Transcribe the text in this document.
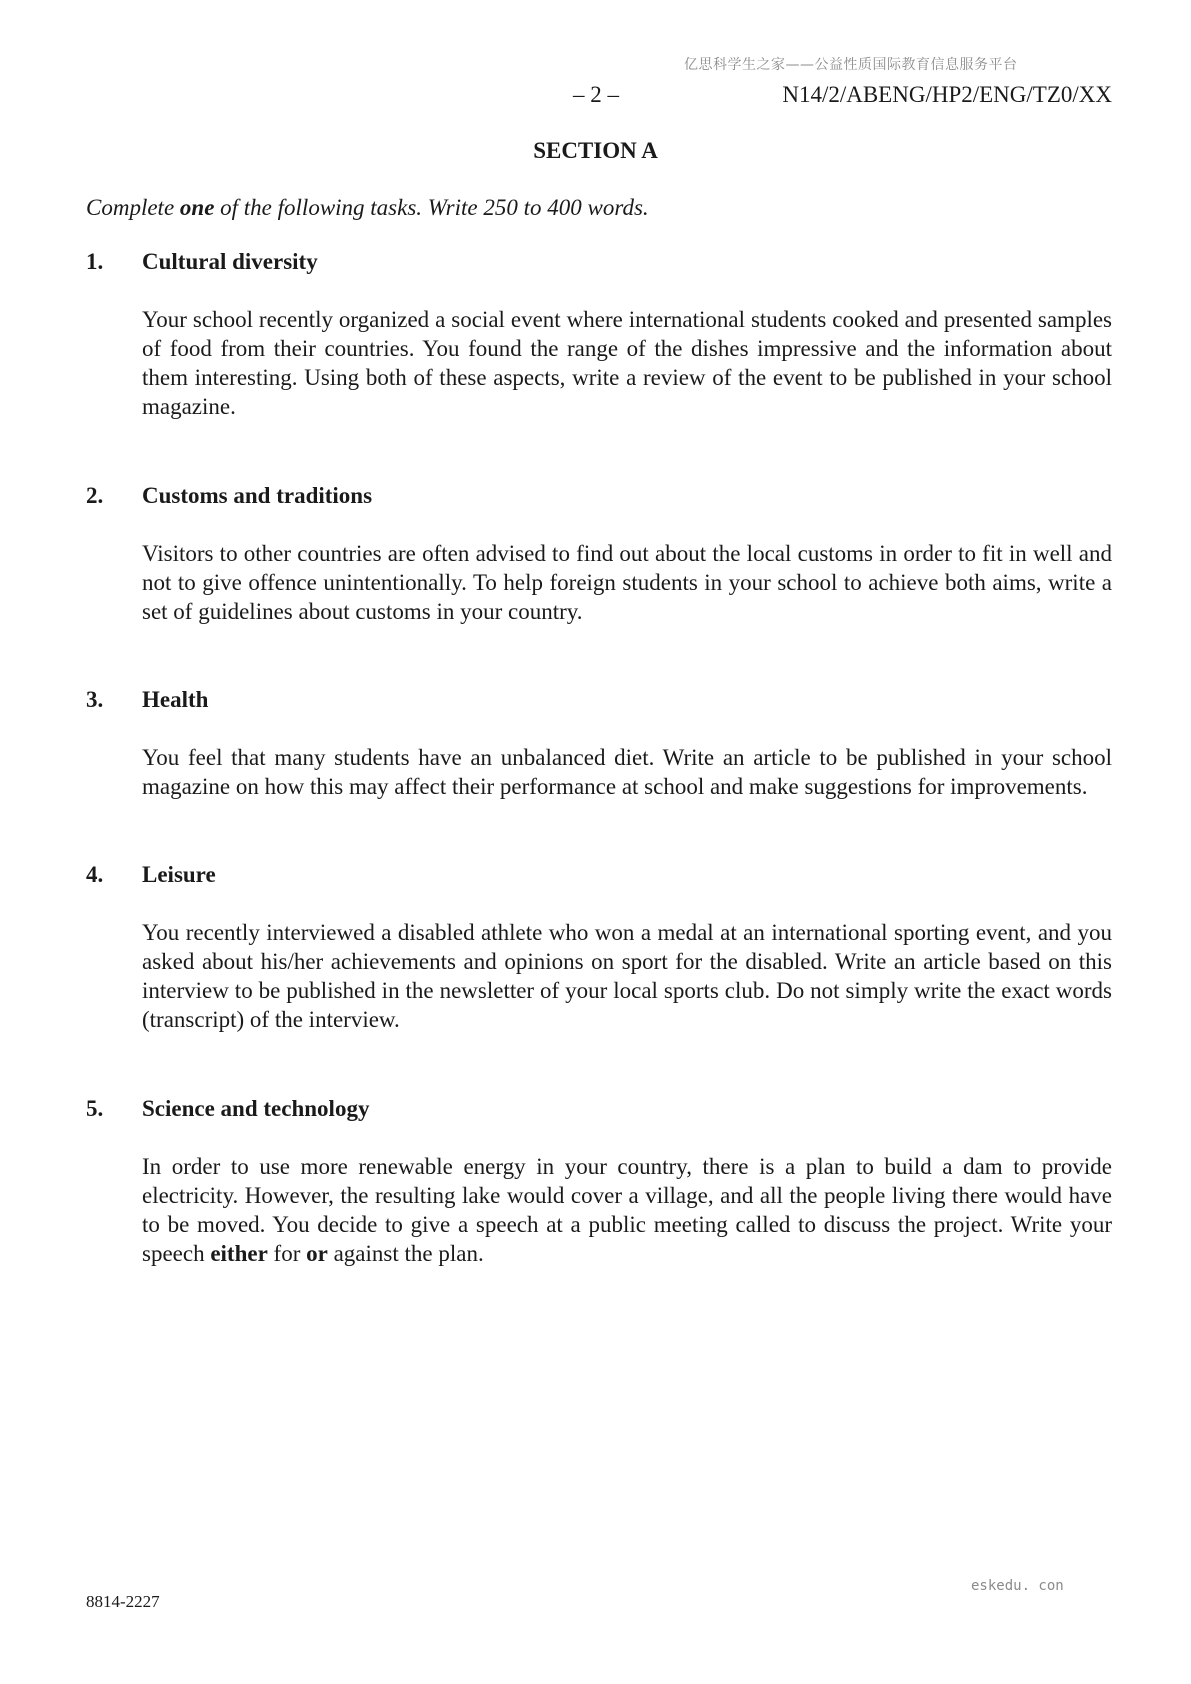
亿思科学生之家——公益性质国际教育信息服务平台
– 2 –	N14/2/ABENG/HP2/ENG/TZ0/XX
SECTION A
Complete one of the following tasks. Write 250 to 400 words.
1.	Cultural diversity
Your school recently organized a social event where international students cooked and presented samples of food from their countries. You found the range of the dishes impressive and the information about them interesting. Using both of these aspects, write a review of the event to be published in your school magazine.
2.	Customs and traditions
Visitors to other countries are often advised to find out about the local customs in order to fit in well and not to give offence unintentionally. To help foreign students in your school to achieve both aims, write a set of guidelines about customs in your country.
3.	Health
You feel that many students have an unbalanced diet. Write an article to be published in your school magazine on how this may affect their performance at school and make suggestions for improvements.
4.	Leisure
You recently interviewed a disabled athlete who won a medal at an international sporting event, and you asked about his/her achievements and opinions on sport for the disabled. Write an article based on this interview to be published in the newsletter of your local sports club. Do not simply write the exact words (transcript) of the interview.
5.	Science and technology
In order to use more renewable energy in your country, there is a plan to build a dam to provide electricity. However, the resulting lake would cover a village, and all the people living there would have to be moved. You decide to give a speech at a public meeting called to discuss the project. Write your speech either for or against the plan.
8814-2227
eskedu. con
